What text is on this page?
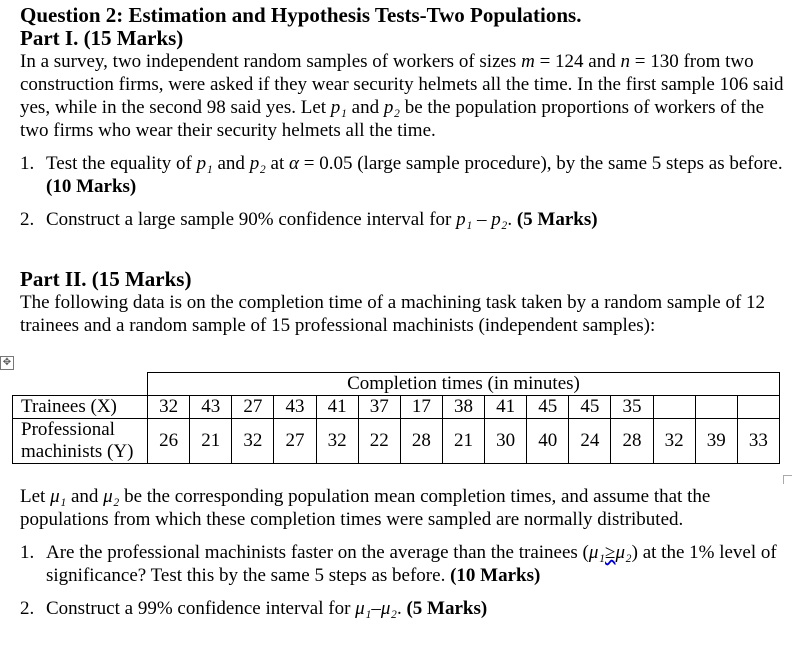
Question 2: Estimation and Hypothesis Tests-Two Populations.
Part I. (15 Marks)

In a survey, two independent random samples of workers of sizes m = 124 and n = 130 from two construction firms, were asked if they wear security helmets all the time. In the first sample 106 said yes, while in the second 98 said yes. Let p₁ and p₂ be the population proportions of workers of the two firms who wear their security helmets all the time.

1. Test the equality of p₁ and p₂ at α = 0.05 (large sample procedure), by the same 5 steps as before. (10 Marks)
2. Construct a large sample 90% confidence interval for p₁ – p₂. (5 Marks)
Part II. (15 Marks)

The following data is on the completion time of a machining task taken by a random sample of 12 trainees and a random sample of 15 professional machinists (independent samples):

✥
	Completion times (in minutes)														
Trainees (X)	32	43	27	43	41	37	17	38	41	45	45	35			
Professional machinists (Y)	26	21	32	27	32	22	28	21	30	40	24	28	32	39	33

Let μ₁ and μ₂ be the corresponding population mean completion times, and assume that the populations from which these completion times were sampled are normally distributed.

1. Are the professional machinists faster on the average than the trainees (μ₁≥μ₂) at the 1% level of significance? Test this by the same 5 steps as before. (10 Marks)
2. Construct a 99% confidence interval for μ₁–μ₂. (5 Marks)
